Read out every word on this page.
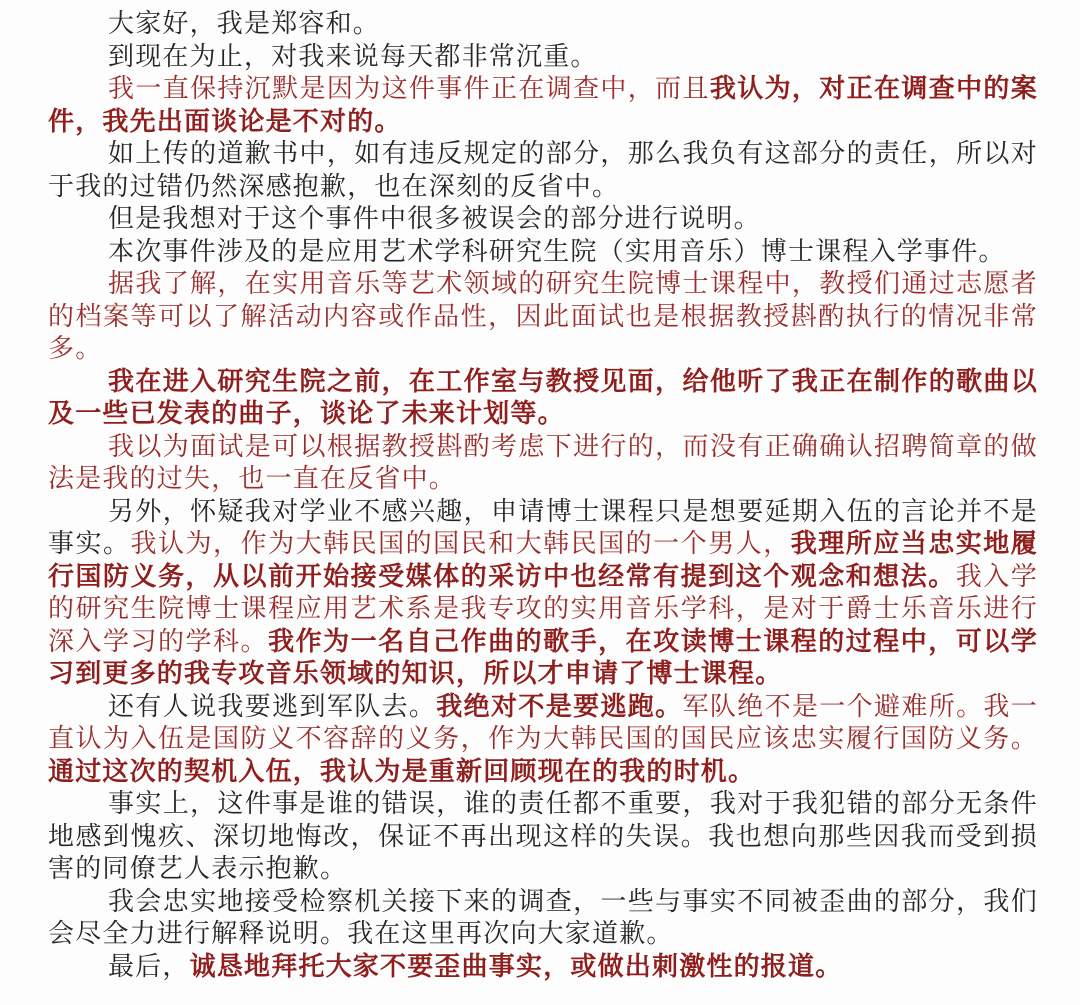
大家好，我是郑容和。

到现在为止，对我来说每天都非常沉重。

我一直保持沉默是因为这件事件正在调查中，而且我认为，对正在调查中的案件，我先出面谈论是不对的。

如上传的道歉书中，如有违反规定的部分，那么我负有这部分的责任，所以对于我的过错仍然深感抱歉，也在深刻的反省中。

但是我想对于这个事件中很多被误会的部分进行说明。

本次事件涉及的是应用艺术学科研究生院（实用音乐）博士课程入学事件。

据我了解，在实用音乐等艺术领域的研究生院博士课程中，教授们通过志愿者的档案等可以了解活动内容或作品性，因此面试也是根据教授斟酌执行的情况非常多。

我在进入研究生院之前，在工作室与教授见面，给他听了我正在制作的歌曲以及一些已发表的曲子，谈论了未来计划等。

我以为面试是可以根据教授斟酌考虑下进行的，而没有正确确认招聘简章的做法是我的过失，也一直在反省中。

另外，怀疑我对学业不感兴趣，申请博士课程只是想要延期入伍的言论并不是事实。我认为，作为大韩民国的国民和大韩民国的一个男人，我理所应当忠实地履行国防义务，从以前开始接受媒体的采访中也经常有提到这个观念和想法。我入学的研究生院博士课程应用艺术系是我专攻的实用音乐学科，是对于爵士乐音乐进行深入学习的学科。我作为一名自己作曲的歌手，在攻读博士课程的过程中，可以学习到更多的我专攻音乐领域的知识，所以才申请了博士课程。

还有人说我要逃到军队去。我绝对不是要逃跑。军队绝不是一个避难所。我一直认为入伍是国防义不容辞的义务，作为大韩民国的国民应该忠实履行国防义务。通过这次的契机入伍，我认为是重新回顾现在的我的时机。

事实上，这件事是谁的错误，谁的责任都不重要，我对于我犯错的部分无条件地感到愧疚、深切地悔改，保证不再出现这样的失误。我也想向那些因我而受到损害的同僚艺人表示抱歉。

我会忠实地接受检察机关接下来的调查，一些与事实不同被歪曲的部分，我们会尽全力进行解释说明。我在这里再次向大家道歉。

最后，诚恳地拜托大家不要歪曲事实，或做出刺激性的报道。
